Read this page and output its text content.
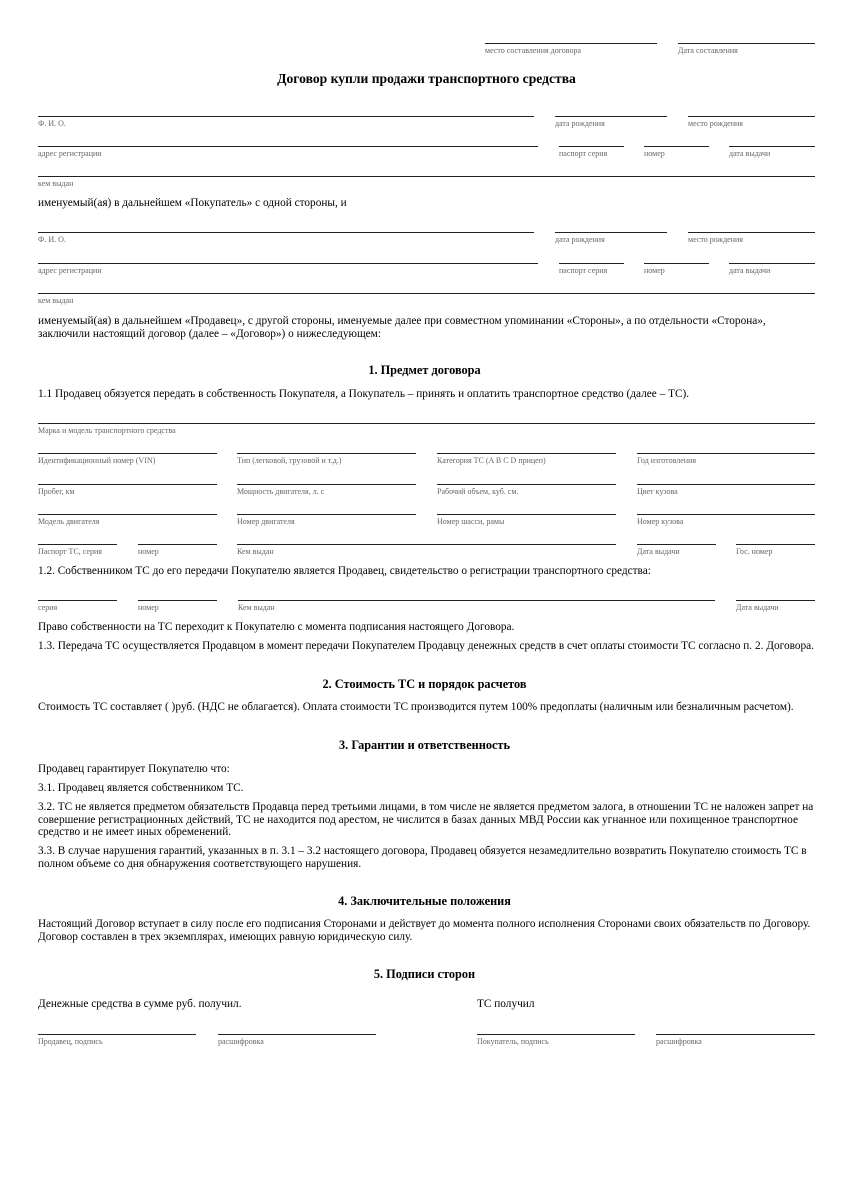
место составления договора	Дата составления
Договор купли продажи транспортного средства
Ф. И. О.	дата рождения	место рождения
адрес регистрации	паспорт серия	номер	дата выдачи
кем выдан
именуемый(ая) в дальнейшем «Покупатель» с одной стороны, и
Ф. И. О.	дата рождения	место рождения
адрес регистрации	паспорт серия	номер	дата выдачи
кем выдан
именуемый(ая) в дальнейшем «Продавец», с другой стороны, именуемые далее при совместном упоминании «Стороны», а по отдельности «Сторона», заключили настоящий договор (далее – «Договор») о нижеследующем:
1. Предмет договора
1.1 Продавец обязуется передать в собственность Покупателя, а Покупатель – принять и оплатить транспортное средство (далее – ТС).
Марка и модель транспортного средства
Идентификационный номер (VIN)	Тип (легковой, грузовой и т.д.)	Категория ТС (A B C D прицеп)	Год изготовления
Пробег, км	Мощность двигателя, л. с	Рабочий объем, куб. см.	Цвет кузова
Модель двигателя	Номер двигателя	Номер шасси, рамы	Номер кузова
Паспорт ТС, серия	номер	Кем выдан	Дата выдачи	Гос. номер
1.2. Собственником ТС до его передачи Покупателю является Продавец, свидетельство о регистрации транспортного средства:
серия	номер	Кем выдан	Дата выдачи
Право собственности на ТС переходит к Покупателю с момента подписания настоящего Договора.
1.3. Передача ТС осуществляется Продавцом в момент передачи Покупателем Продавцу денежных средств в счет оплаты стоимости ТС согласно п. 2. Договора.
2. Стоимость ТС и порядок расчетов
Стоимость ТС составляет ( )руб. (НДС не облагается). Оплата стоимости ТС производится путем 100% предоплаты (наличным или безналичным расчетом).
3. Гарантии и ответственность
Продавец гарантирует Покупателю что:
3.1. Продавец является собственником ТС.
3.2. ТС не является предметом обязательств Продавца перед третьими лицами, в том числе не является предметом залога, в отношении ТС не наложен запрет на совершение регистрационных действий, ТС не находится под арестом, не числится в базах данных МВД России как угнанное или похищенное транспортное средство и не имеет иных обременений.
3.3. В случае нарушения гарантий, указанных в п. 3.1 – 3.2 настоящего договора, Продавец обязуется незамедлительно возвратить Покупателю стоимость ТС в полном объеме со дня обнаружения соответствующего нарушения.
4. Заключительные положения
Настоящий Договор вступает в силу после его подписания Сторонами и действует до момента полного исполнения Сторонами своих обязательств по Договору. Договор составлен в трех экземплярах, имеющих равную юридическую силу.
5. Подписи сторон
Денежные средства в сумме руб. получил.	ТС получил
Продавец, подпись	расшифровка	Покупатель, подпись	расшифровка
